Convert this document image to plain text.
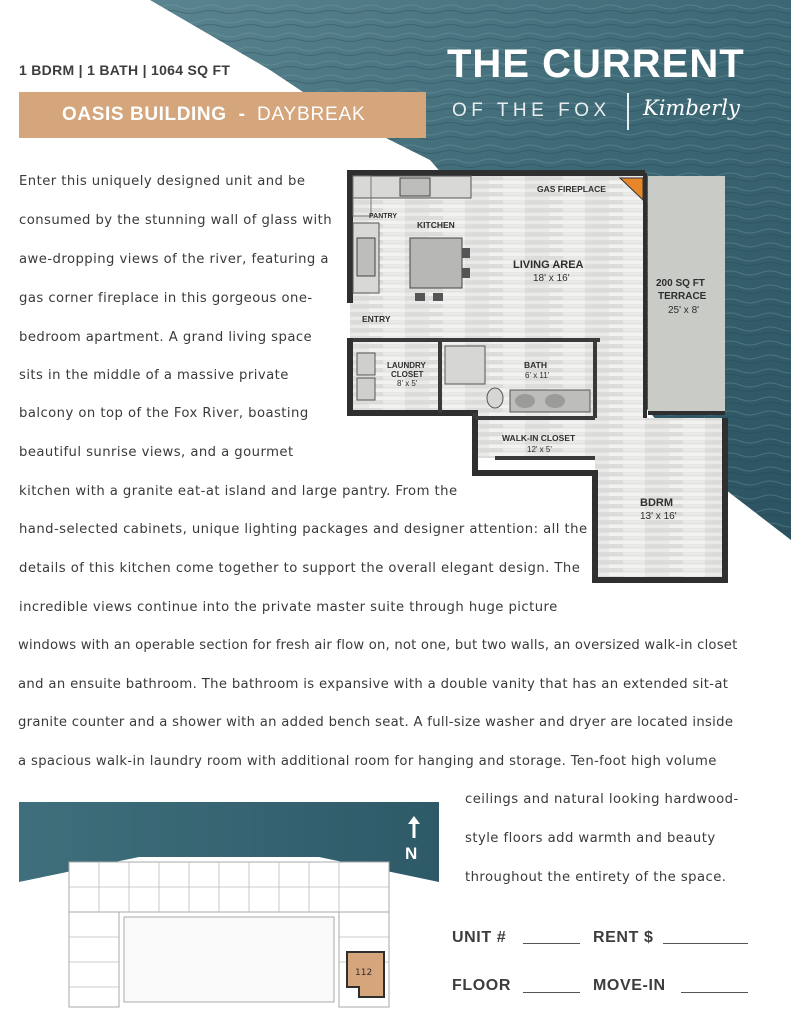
1 BDRM | 1 BATH | 1064 SQ FT
OASIS BUILDING - DAYBREAK
THE CURRENT
OF THE FOX Kimberly
Enter this uniquely designed unit and be
consumed by the stunning wall of glass with
awe-dropping views of the river, featuring a
gas corner fireplace in this gorgeous one-
bedroom apartment. A grand living space
sits in the middle of a massive private
balcony on top of the Fox River, boasting
beautiful sunrise views, and a gourmet
kitchen with a granite eat-at island and large pantry. From the
hand-selected cabinets, unique lighting packages and designer attention: all the
details of this kitchen come together to support the overall elegant design. The
incredible views continue into the private master suite through huge picture
windows with an operable section for fresh air flow on, not one, but two walls, an oversized walk-in closet
and an ensuite bathroom. The bathroom is expansive with a double vanity that has an extended sit-at
granite counter and a shower with an added bench seat. A full-size washer and dryer are located inside
a spacious walk-in laundry room with additional room for hanging and storage. Ten-foot high volume
ceilings and natural looking hardwood-
style floors add warmth and beauty
throughout the entirety of the space.
GAS FIREPLACE
PANTRY
KITCHEN
LIVING AREA
18' x 16'	200 SQ FT
TERRACE
25' x 8'
ENTRY
LAUNDRY
CLOSET
8' x 5'
BATH
6' x 11'
WALK-IN CLOSET
12' x 5'
BDRM
13' x 16'
112
N
UNIT #	RENT $
FLOOR	MOVE-IN
